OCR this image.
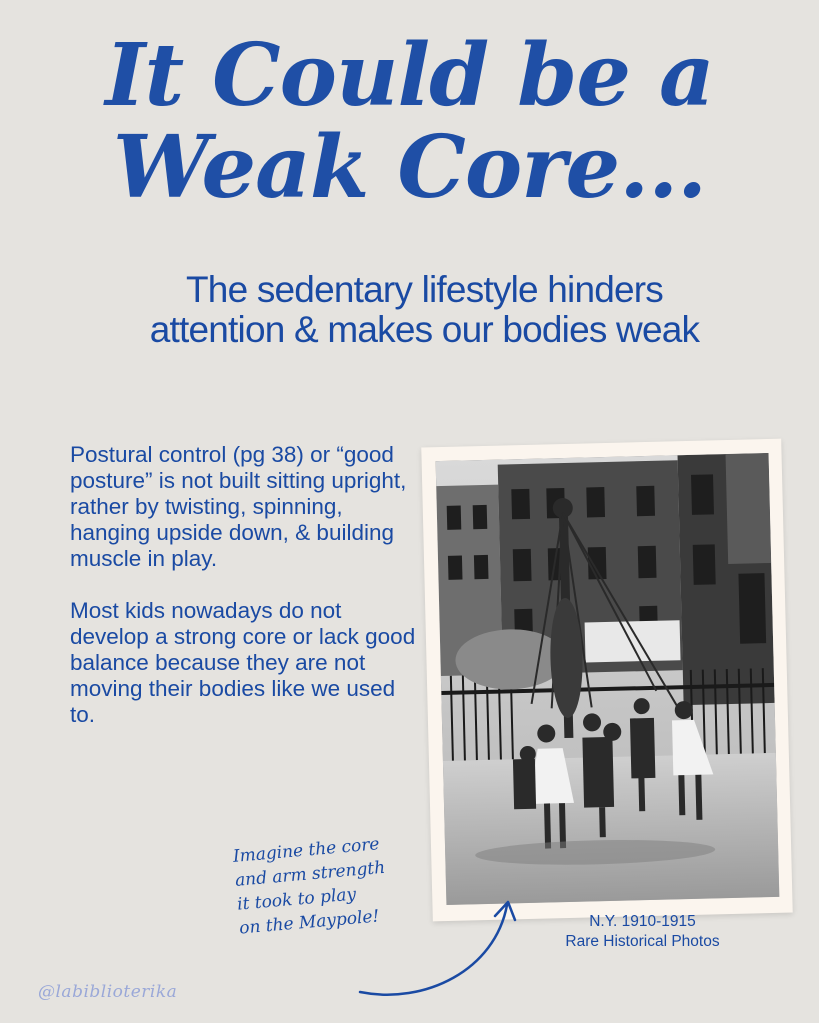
It Could be a
Weak Core...
The sedentary lifestyle hinders
attention & makes our bodies weak

Postural control (pg 38) or “good posture” is not built sitting upright, rather by twisting, spinning, hanging upside down, & building muscle in play.

Most kids nowadays do not develop a strong core or lack good balance because they are not moving their bodies like we used to.

N.Y. 1910-1915
Rare Historical Photos
Imagine the core
and arm strength
it took to play
on the Maypole!
@labiblioterika
